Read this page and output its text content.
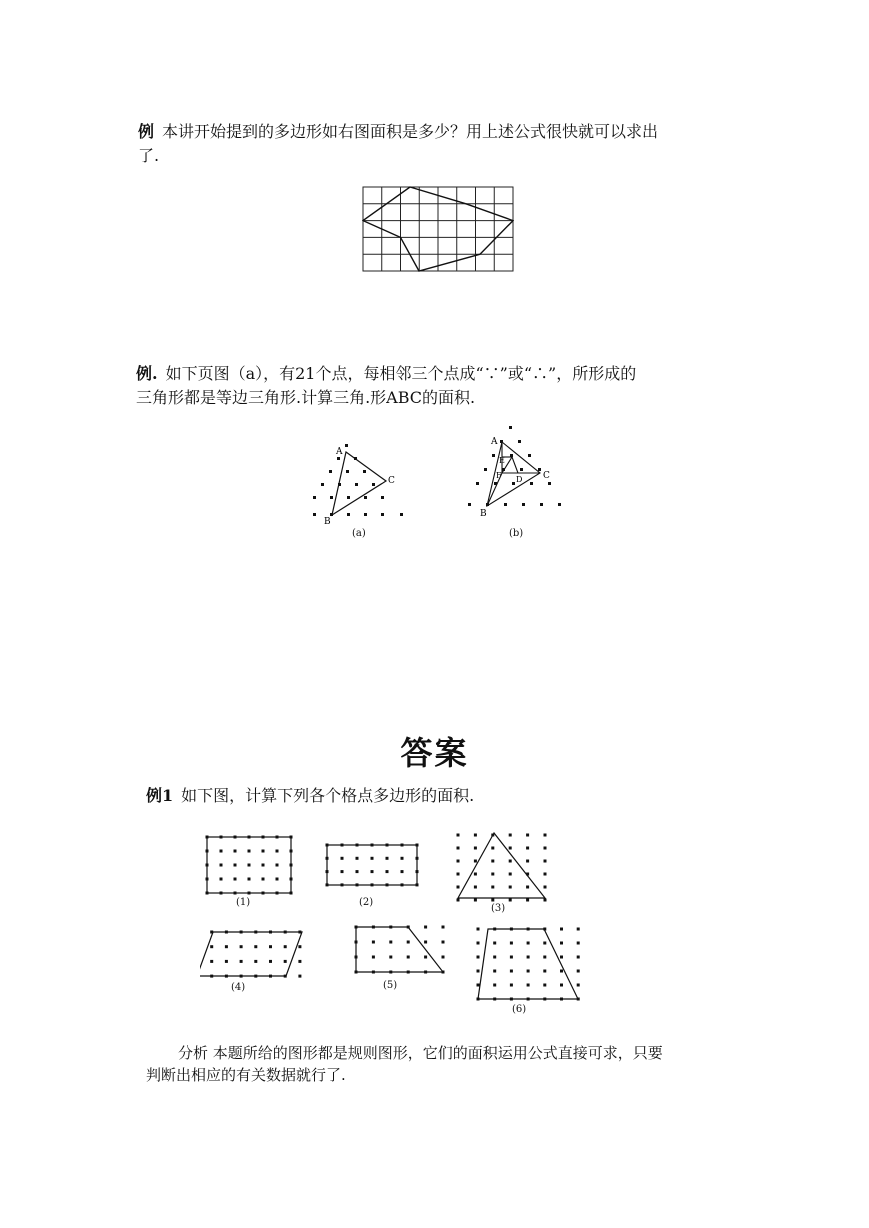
例 本讲开始提到的多边形如右图面积是多少？用上述公式很快就可以求出
了.
例. 如下页图（a），有21个点，每相邻三个点成“∵”或“∴”，所形成的
三角形都是等边三角形.计算三角.形ABC的面积.
A
C
B
(a)
A
E
F D C
B
(b)
答案
例1 如下图，计算下列各个格点多边形的面积.
(1)	(2)
(3)
(4)	(5)
(6)
分析 本题所给的图形都是规则图形，它们的面积运用公式直接可求，只要
判断出相应的有关数据就行了.
